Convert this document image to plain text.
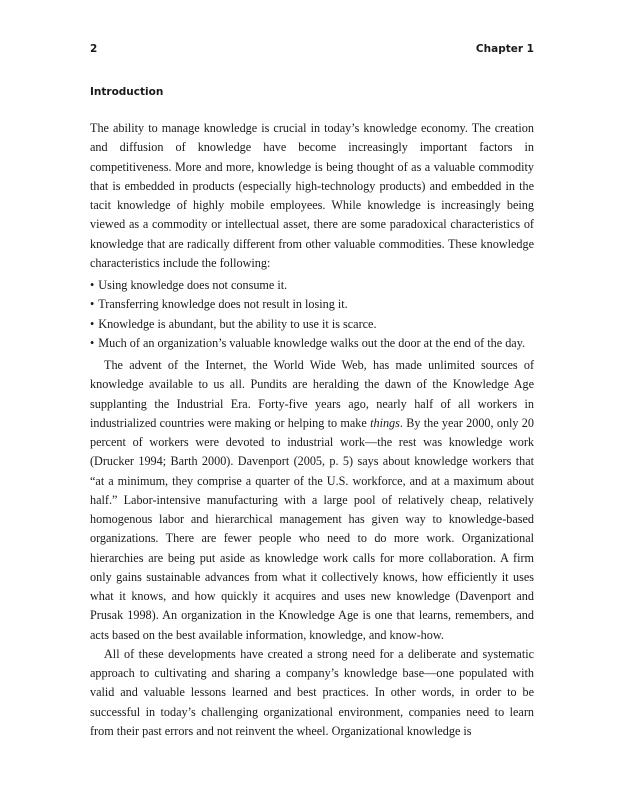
2	Chapter 1
Introduction

The ability to manage knowledge is crucial in today’s knowledge economy. The creation and diffusion of knowledge have become increasingly important factors in competitiveness. More and more, knowledge is being thought of as a valuable commodity that is embedded in products (especially high-technology products) and embedded in the tacit knowledge of highly mobile employees. While knowledge is increasingly being viewed as a commodity or intellectual asset, there are some paradoxical characteristics of knowledge that are radically different from other valuable commodities. These knowledge characteristics include the following:

• Using knowledge does not consume it.
• Transferring knowledge does not result in losing it.
• Knowledge is abundant, but the ability to use it is scarce.
• Much of an organization’s valuable knowledge walks out the door at the end of the day.

The advent of the Internet, the World Wide Web, has made unlimited sources of knowledge available to us all. Pundits are heralding the dawn of the Knowledge Age supplanting the Industrial Era. Forty-five years ago, nearly half of all workers in industrialized countries were making or helping to make things. By the year 2000, only 20 percent of workers were devoted to industrial work—the rest was knowledge work (Drucker 1994; Barth 2000). Davenport (2005, p. 5) says about knowledge workers that “at a minimum, they comprise a quarter of the U.S. workforce, and at a maximum about half.” Labor-intensive manufacturing with a large pool of relatively cheap, relatively homogenous labor and hierarchical management has given way to knowledge-based organizations. There are fewer people who need to do more work. Organizational hierarchies are being put aside as knowledge work calls for more collaboration. A firm only gains sustainable advances from what it collectively knows, how efficiently it uses what it knows, and how quickly it acquires and uses new knowledge (Davenport and Prusak 1998). An organization in the Knowledge Age is one that learns, remembers, and acts based on the best available information, knowledge, and know-how.

All of these developments have created a strong need for a deliberate and systematic approach to cultivating and sharing a company’s knowledge base—one populated with valid and valuable lessons learned and best practices. In other words, in order to be successful in today’s challenging organizational environment, companies need to learn from their past errors and not reinvent the wheel. Organizational knowledge is
